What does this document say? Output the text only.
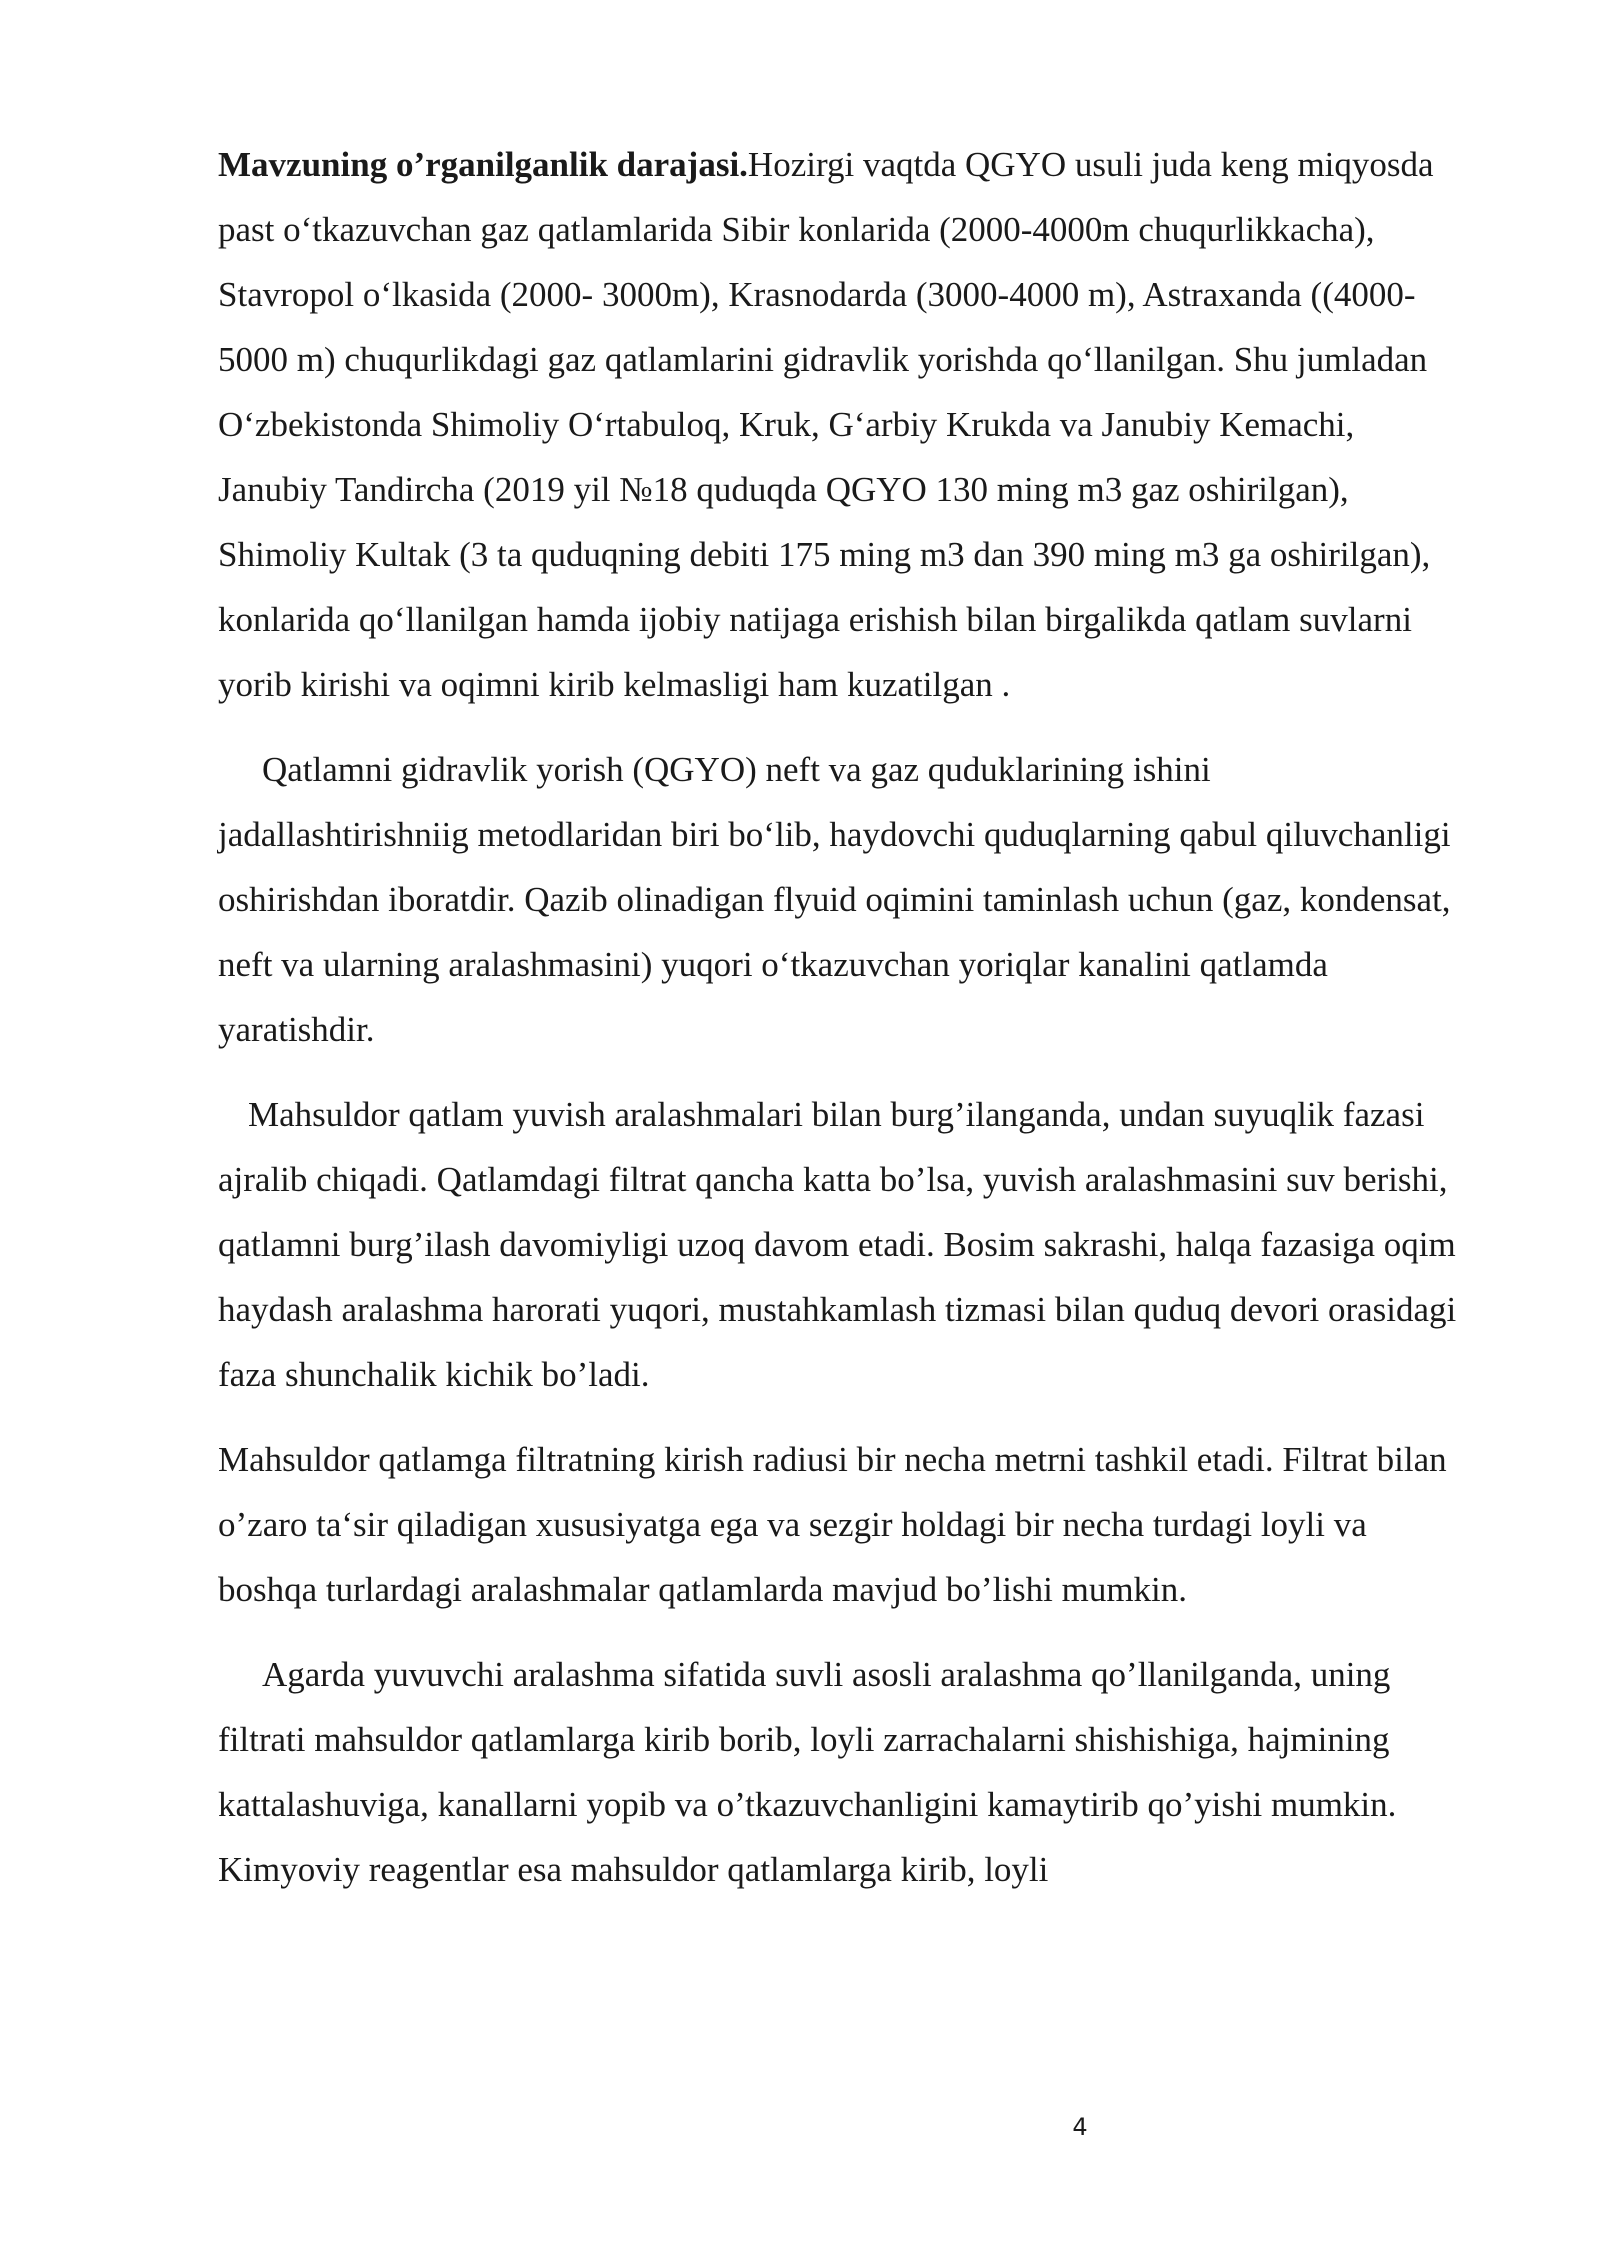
Mavzuning o’rganilganlik darajasi.Hozirgi vaqtda QGYO usuli juda keng miqyosda past o‘tkazuvchan gaz qatlamlarida Sibir konlarida (2000-4000m chuqurlikkacha), Stavropol o‘lkasida (2000- 3000m), Krasnodarda (3000-4000 m), Astraxanda ((4000-5000 m) chuqurlikdagi gaz qatlamlarini gidravlik yorishda qo‘llanilgan. Shu jumladan O‘zbekistonda Shimoliy O‘rtabuloq, Kruk, G‘arbiy Krukda va Janubiy Kemachi, Janubiy Tandircha (2019 yil №18 quduqda QGYO 130 ming m3 gaz oshirilgan), Shimoliy Kultak (3 ta quduqning debiti 175 ming m3 dan 390 ming m3 ga oshirilgan), konlarida qo‘llanilgan hamda ijobiy natijaga erishish bilan birgalikda qatlam suvlarni yorib kirishi va oqimni kirib kelmasligi ham kuzatilgan .

Qatlamni gidravlik yorish (QGYO) neft va gaz quduklarining ishini jadallashtirishniig metodlaridan biri bo‘lib, haydovchi quduqlarning qabul qiluvchanligi oshirishdan iboratdir. Qazib olinadigan flyuid oqimini taminlash uchun (gaz, kondensat, neft va ularning aralashmasini) yuqori o‘tkazuvchan yoriqlar kanalini qatlamda yaratishdir.

Mahsuldor qatlam yuvish aralashmalari bilan burg’ilanganda, undan suyuqlik fazasi ajralib chiqadi. Qatlamdagi filtrat qancha katta bo’lsa, yuvish aralashmasini suv berishi, qatlamni burg’ilash davomiyligi uzoq davom etadi. Bosim sakrashi, halqa fazasiga oqim haydash aralashma harorati yuqori, mustahkamlash tizmasi bilan quduq devori orasidagi faza shunchalik kichik bo’ladi.

Mahsuldor qatlamga filtratning kirish radiusi bir necha metrni tashkil etadi. Filtrat bilan o’zaro ta‘sir qiladigan xususiyatga ega va sezgir holdagi bir necha turdagi loyli va boshqa turlardagi aralashmalar qatlamlarda mavjud bo’lishi mumkin.

Agarda yuvuvchi aralashma sifatida suvli asosli aralashma qo’llanilganda, uning filtrati mahsuldor qatlamlarga kirib borib, loyli zarrachalarni shishishiga, hajmining kattalashuviga, kanallarni yopib va o’tkazuvchanligini kamaytirib qo’yishi mumkin. Kimyoviy reagentlar esa mahsuldor qatlamlarga kirib, loyli

4
